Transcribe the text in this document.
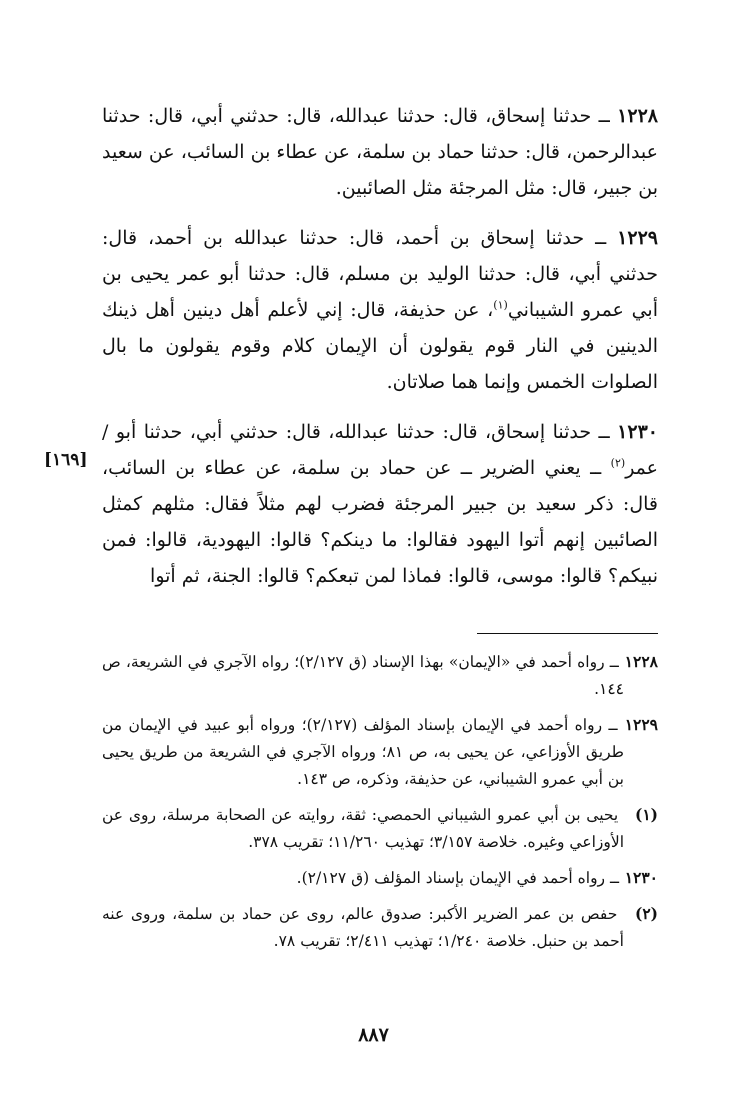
١٢٢٨ ــ حدثنا إسحاق، قال: حدثنا عبدالله، قال: حدثني أبي، قال: حدثنا عبدالرحمن، قال: حدثنا حماد بن سلمة، عن عطاء بن السائب، عن سعيد بن جبير، قال: مثل المرجئة مثل الصائبين.

١٢٢٩ ــ حدثنا إسحاق بن أحمد، قال: حدثنا عبدالله بن أحمد، قال: حدثني أبي، قال: حدثنا الوليد بن مسلم، قال: حدثنا أبو عمر يحيى بن أبي عمرو الشيباني$^{(١)}$، عن حذيفة، قال: إني لأعلم أهل دينين أهل ذينك الدينين في النار قوم يقولون أن الإيمان كلام وقوم يقولون ما بال الصلوات الخمس وإنما هما صلاتان.

١٢٣٠ ــ حدثنا إسحاق، قال: حدثنا عبدالله، قال: حدثني أبي، حدثنا أبو / عمر$^{(٢)}$ ــ يعني الضرير ــ عن حماد بن سلمة، عن عطاء بن السائب، قال: ذكر سعيد بن جبير المرجئة فضرب لهم مثلاً فقال: مثلهم كمثل الصائبين إنهم أتوا اليهود فقالوا: ما دينكم؟ قالوا: اليهودية، قالوا: فمن نبيكم؟ قالوا: موسى، قالوا: فماذا لمن تبعكم؟ قالوا: الجنة، ثم أتوا

[١٦٩]

١٢٢٨ ــ رواه أحمد في «الإيمان» بهذا الإسناد (ق ٢/١٢٧)؛ رواه الآجري في الشريعة، ص ١٤٤.

١٢٢٩ ــ رواه أحمد في الإيمان بإسناد المؤلف (٢/١٢٧)؛ ورواه أبو عبيد في الإيمان من طريق الأوزاعي، عن يحيى به، ص ٨١؛ ورواه الآجري في الشريعة من طريق يحيى بن أبي عمرو الشيباني، عن حذيفة، وذكره، ص ١٤٣.

(١) يحيى بن أبي عمرو الشيباني الحمصي: ثقة، روايته عن الصحابة مرسلة، روى عن الأوزاعي وغيره. خلاصة ٣/١٥٧؛ تهذيب ١١/٢٦٠؛ تقريب ٣٧٨.

١٢٣٠ ــ رواه أحمد في الإيمان بإسناد المؤلف (ق ٢/١٢٧).

(٢) حفص بن عمر الضرير الأكبر: صدوق عالم، روى عن حماد بن سلمة، وروى عنه أحمد بن حنبل. خلاصة ١/٢٤٠؛ تهذيب ٢/٤١١؛ تقريب ٧٨.

٨٨٧
